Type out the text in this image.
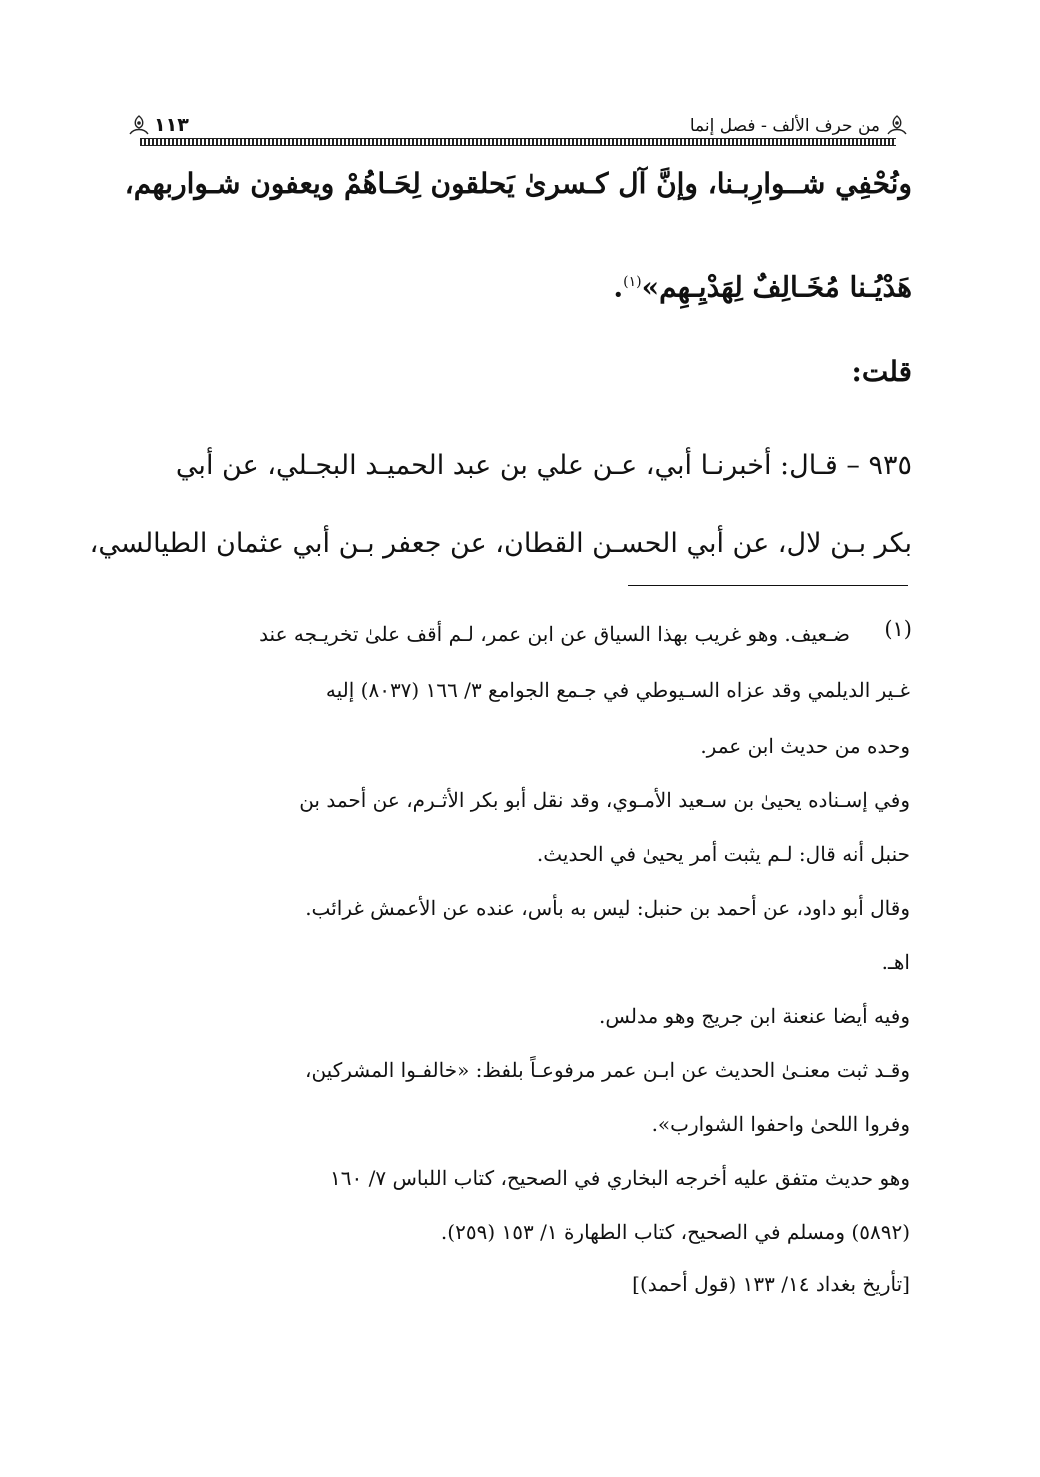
من حرف الألف - فصل إنما
١١٣
ونُحْفِي شــوارِبـنا، وإنَّ آل كـسرىٰ يَحلقون لِحَـاهُمْ ويعفون شـواربهم،
هَدْيُـنا مُخَـالِفٌ لِهَدْيِـهِم»$^{(١)}$.
قلت:
٩٣٥ – قـال: أخبرنـا أبي، عـن علي بن عبد الحميـد البجـلي، عن أبي
بكر بـن لال، عن أبي الحسـن القطان، عن جعفر بـن أبي عثمان الطيالسي،
(١)
ضـعيف. وهو غريب بهذا السياق عن ابن عمر، لـم أقف علىٰ تخريـجه عند
غـير الديلمي وقد عزاه السـيوطي في جـمع الجوامع ٣/ ١٦٦ (٨٠٣٧) إليه
وحده من حديث ابن عمر.
وفي إسـناده يحيىٰ بن سـعيد الأمـوي، وقد نقل أبو بكر الأثـرم، عن أحمد بن
حنبل أنه قال: لـم يثبت أمر يحيىٰ في الحديث.
وقال أبو داود، عن أحمد بن حنبل: ليس به بأس، عنده عن الأعمش غرائب.
اهـ.
وفيه أيضا عنعنة ابن جريج وهو مدلس.
وقـد ثبت معنـىٰ الحديث عن ابـن عمر مرفوعـاً بلفظ: «خالفـوا المشركين،
وفروا اللحىٰ واحفوا الشوارب».
وهو حديث متفق عليه أخرجه البخاري في الصحيح، كتاب اللباس ٧/ ١٦٠
(٥٨٩٢) ومسلم في الصحيح، كتاب الطهارة ١/ ١٥٣ (٢٥٩).
[تأريخ بغداد ١٤/ ١٣٣ (قول أحمد)]
